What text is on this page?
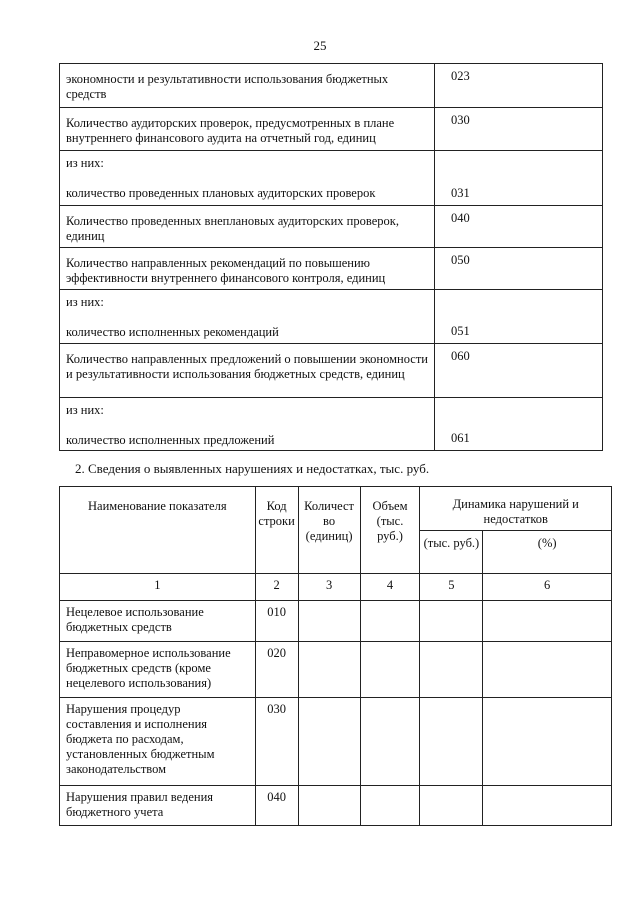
25
экономности и результативности использования бюджетных средств	023
Количество аудиторских проверок, предусмотренных в плане внутреннего финансового аудита на отчетный год, единиц	030

из них:
количество проведенных плановых аудиторских проверок	031
Количество проведенных внеплановых аудиторских проверок, единиц	040
Количество направленных рекомендаций по повышению эффективности внутреннего финансового контроля, единиц	050

из них:
количество исполненных рекомендаций	051
Количество направленных предложений о повышении экономности и результативности использования бюджетных средств, единиц	060

из них:
количество исполненных предложений	061
2. Сведения о выявленных нарушениях и недостатках, тыс. руб.
Наименование показателя	Код строки	Количест во (единиц)	Объем (тыс. руб.)	Динамика нарушений и недостатков	
				(тыс. руб.)	(%)
1	2	3	4	5	6
Нецелевое использование бюджетных средств	010				
Неправомерное использование бюджетных средств (кроме нецелевого использования)	020				
Нарушения процедур составления и исполнения бюджета по расходам, установленных бюджетным законодательством	030				
Нарушения правил ведения бюджетного учета	040				
